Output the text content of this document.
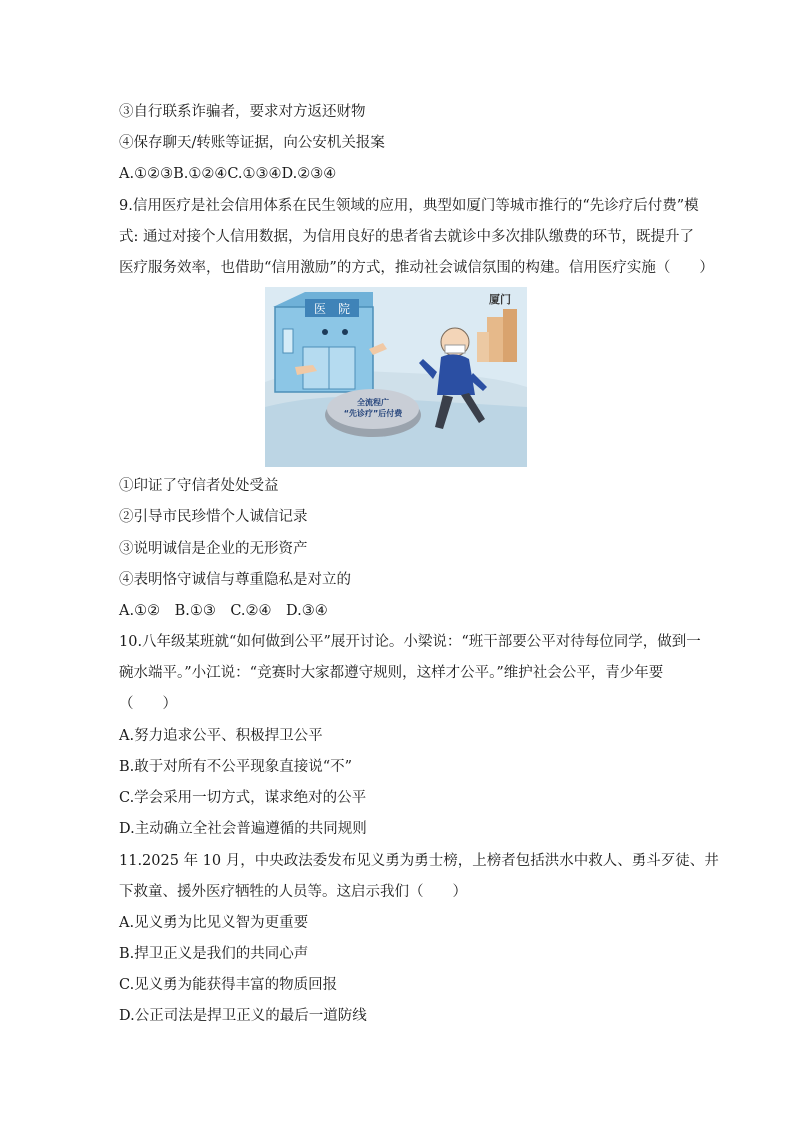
③自行联系诈骗者，要求对方返还财物
④保存聊天/转账等证据，向公安机关报案
A.①②③B.①②④C.①③④D.②③④
9.信用医疗是社会信用体系在民生领域的应用，典型如厦门等城市推行的“先诊疗后付费”模
式: 通过对接个人信用数据，为信用良好的患者省去就诊中多次排队缴费的环节，既提升了
医疗服务效率，也借助“信用激励”的方式，推动社会诚信氛围的构建。信用医疗实施（　　）
厦门
医　院
全流程广
“先诊疗”后付费
①印证了守信者处处受益
②引导市民珍惜个人诚信记录
③说明诚信是企业的无形资产
④表明恪守诚信与尊重隐私是对立的
A.①②　B.①③　C.②④　D.③④
10.八年级某班就“如何做到公平”展开讨论。小梁说：“班干部要公平对待每位同学，做到一
碗水端平。”小江说：“竞赛时大家都遵守规则，这样才公平。”维护社会公平，青少年要
（　　）
A.努力追求公平、积极捍卫公平
B.敢于对所有不公平现象直接说“不”
C.学会采用一切方式，谋求绝对的公平
D.主动确立全社会普遍遵循的共同规则
11.2025 年 10 月，中央政法委发布见义勇为勇士榜，上榜者包括洪水中救人、勇斗歹徒、井
下救童、援外医疗牺牲的人员等。这启示我们（　　）
A.见义勇为比见义智为更重要
B.捍卫正义是我们的共同心声
C.见义勇为能获得丰富的物质回报
D.公正司法是捍卫正义的最后一道防线
